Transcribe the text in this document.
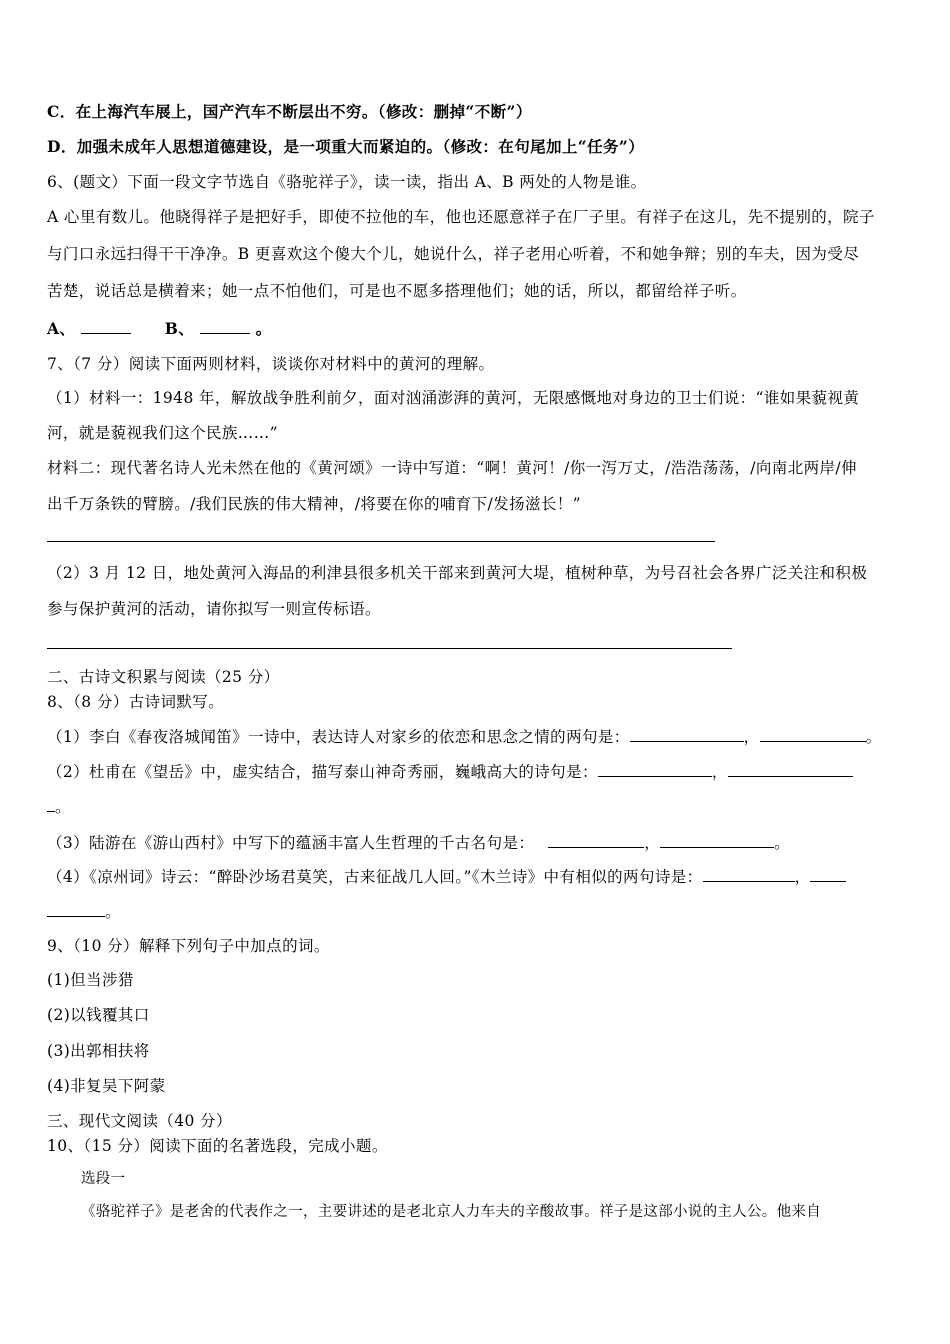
C．在上海汽车展上，国产汽车不断层出不穷。（修改：删掉“不断”）
D．加强未成年人思想道德建设，是一项重大而紧迫的。（修改：在句尾加上“任务”）
6、(题文）下面一段文字节选自《骆驼祥子》，读一读，指出 A、B 两处的人物是谁。
A 心里有数儿。他晓得祥子是把好手，即使不拉他的车，他也还愿意祥子在厂子里。有祥子在这儿，先不提别的，院子
与门口永远扫得干干净净。B 更喜欢这个傻大个儿，她说什么，祥子老用心听着，不和她争辩；别的车夫，因为受尽
苦楚，说话总是横着来；她一点不怕他们，可是也不愿多搭理他们；她的话，所以，都留给祥子听。
A、	B、	。
7、（7 分）阅读下面两则材料，谈谈你对材料中的黄河的理解。
（1）材料一：1948 年，解放战争胜利前夕，面对汹涌澎湃的黄河，无限感慨地对身边的卫士们说：“谁如果藐视黄
河，就是藐视我们这个民族……”
材料二：现代著名诗人光未然在他的《黄河颂》一诗中写道：“啊！黄河！/你一泻万丈，/浩浩荡荡，/向南北两岸/伸
出千万条铁的臂膀。/我们民族的伟大精神，/将要在你的哺育下/发扬滋长！”
（2）3 月 12 日，地处黄河入海品的利津县很多机关干部来到黄河大堤，植树种草，为号召社会各界广泛关注和积极
参与保护黄河的活动，请你拟写一则宣传标语。
二、古诗文积累与阅读（25 分）
8、（8 分）古诗词默写。
（1）李白《春夜洛城闻笛》一诗中，表达诗人对家乡的依恋和思念之情的两句是：	，	。
（2）杜甫在《望岳》中，虚实结合，描写泰山神奇秀丽，巍峨高大的诗句是：	，
。
（3）陆游在《游山西村》中写下的蕴涵丰富人生哲理的千古名句是：	，	。
（4）《凉州词》诗云：“醉卧沙场君莫笑，古来征战几人回。”《木兰诗》中有相似的两句诗是：	，
。
9、（10 分）解释下列句子中加点的词。
(1)但当涉猎
(2)以钱覆其口
(3)出郭相扶将
(4)非复吴下阿蒙
三、现代文阅读（40 分）
10、（15 分）阅读下面的名著选段，完成小题。
选段一
《骆驼祥子》是老舍的代表作之一，主要讲述的是老北京人力车夫的辛酸故事。祥子是这部小说的主人公。他来自
